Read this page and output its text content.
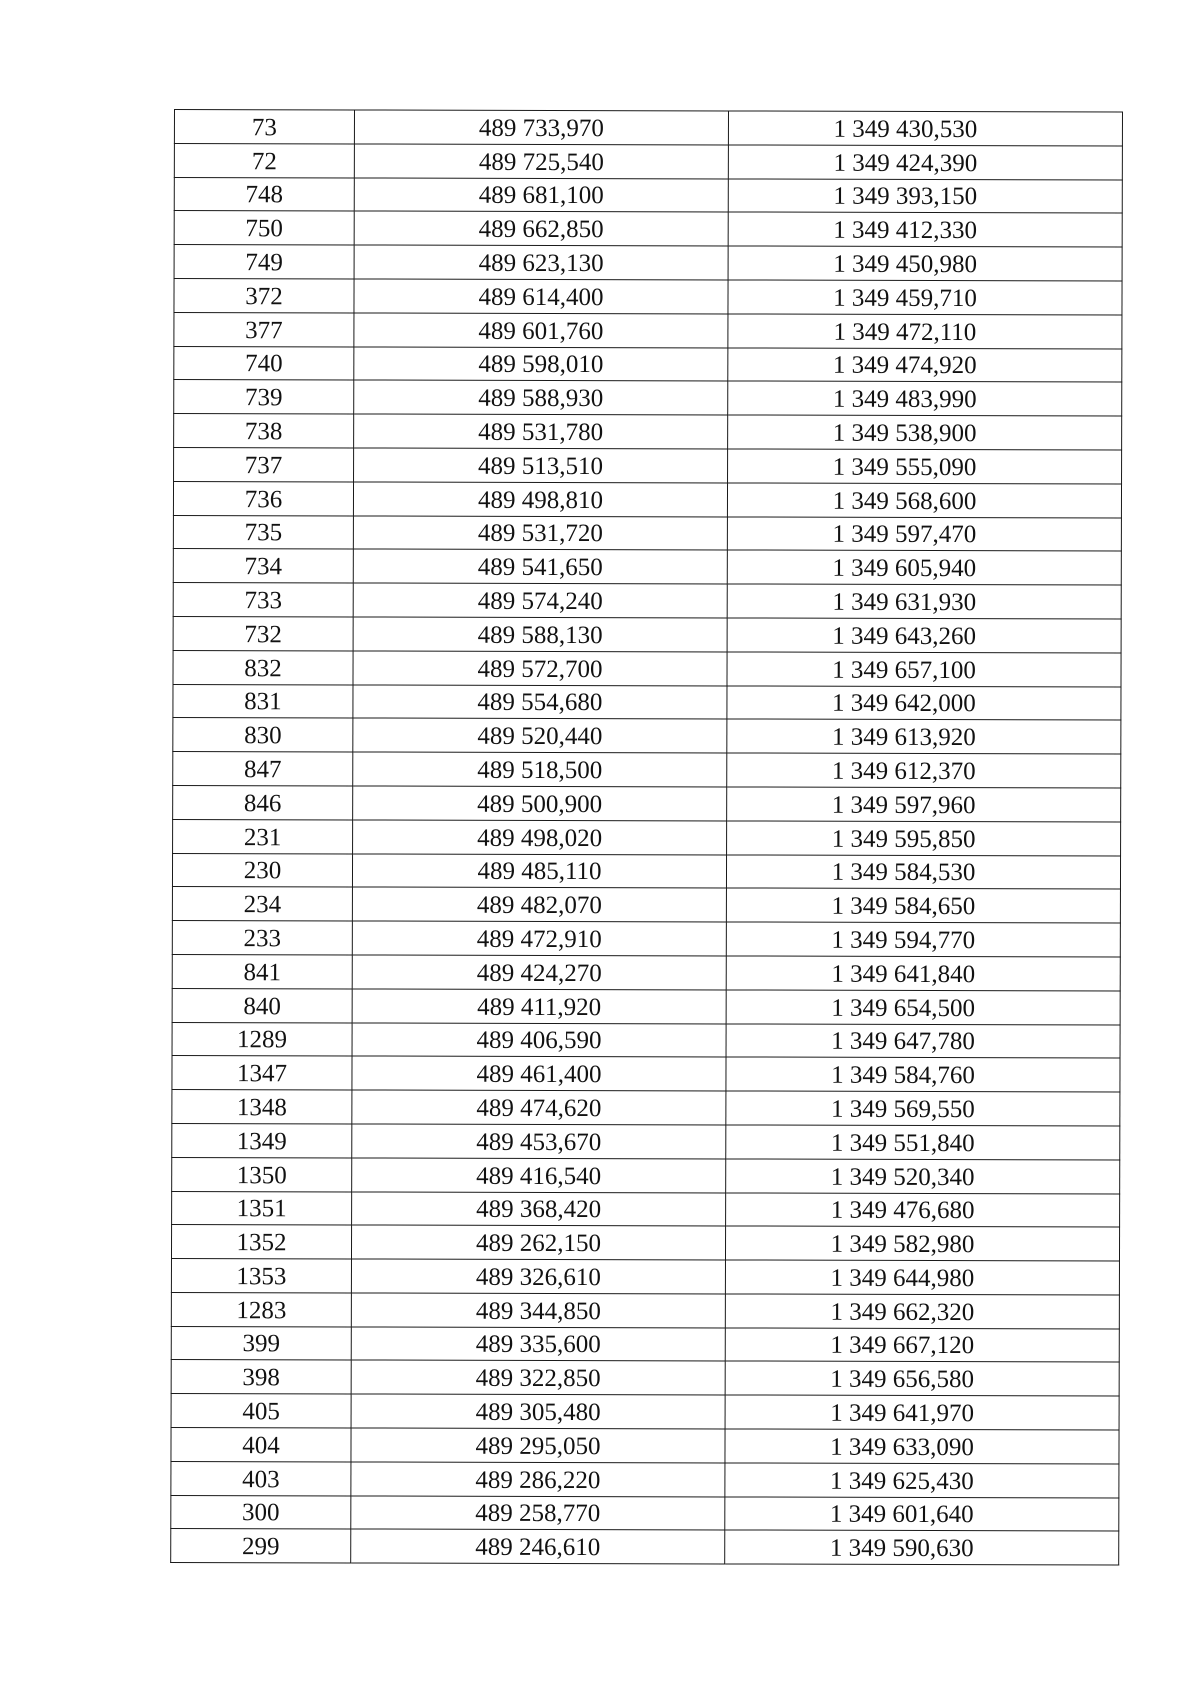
73	489 733,970	1 349 430,530
72	489 725,540	1 349 424,390
748	489 681,100	1 349 393,150
750	489 662,850	1 349 412,330
749	489 623,130	1 349 450,980
372	489 614,400	1 349 459,710
377	489 601,760	1 349 472,110
740	489 598,010	1 349 474,920
739	489 588,930	1 349 483,990
738	489 531,780	1 349 538,900
737	489 513,510	1 349 555,090
736	489 498,810	1 349 568,600
735	489 531,720	1 349 597,470
734	489 541,650	1 349 605,940
733	489 574,240	1 349 631,930
732	489 588,130	1 349 643,260
832	489 572,700	1 349 657,100
831	489 554,680	1 349 642,000
830	489 520,440	1 349 613,920
847	489 518,500	1 349 612,370
846	489 500,900	1 349 597,960
231	489 498,020	1 349 595,850
230	489 485,110	1 349 584,530
234	489 482,070	1 349 584,650
233	489 472,910	1 349 594,770
841	489 424,270	1 349 641,840
840	489 411,920	1 349 654,500
1289	489 406,590	1 349 647,780
1347	489 461,400	1 349 584,760
1348	489 474,620	1 349 569,550
1349	489 453,670	1 349 551,840
1350	489 416,540	1 349 520,340
1351	489 368,420	1 349 476,680
1352	489 262,150	1 349 582,980
1353	489 326,610	1 349 644,980
1283	489 344,850	1 349 662,320
399	489 335,600	1 349 667,120
398	489 322,850	1 349 656,580
405	489 305,480	1 349 641,970
404	489 295,050	1 349 633,090
403	489 286,220	1 349 625,430
300	489 258,770	1 349 601,640
299	489 246,610	1 349 590,630
